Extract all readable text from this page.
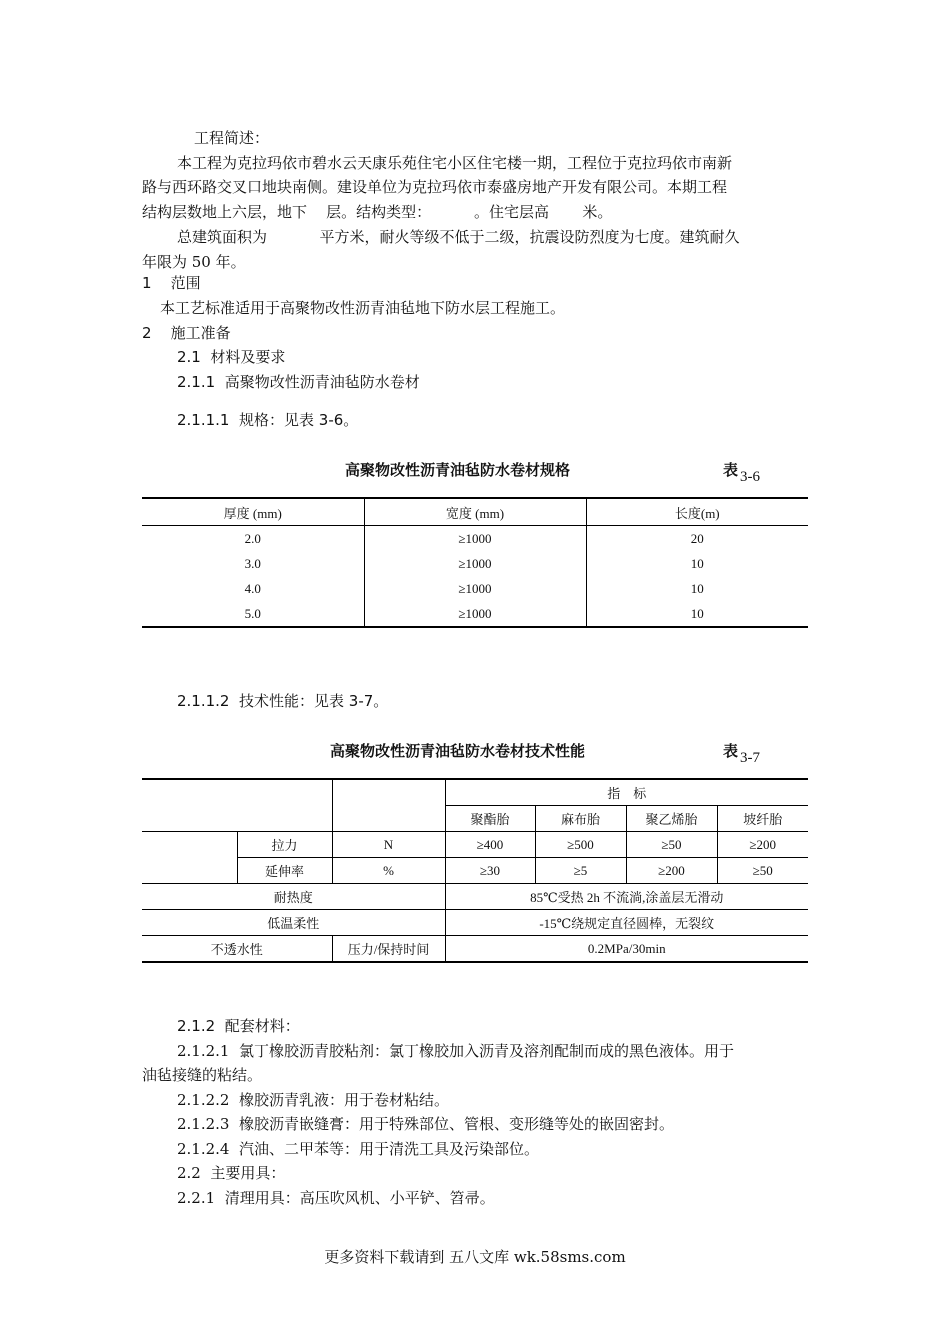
工程简述：
本工程为克拉玛依市碧水云天康乐苑住宅小区住宅楼一期，工程位于克拉玛依市南新
路与西环路交叉口地块南侧。建设单位为克拉玛依市泰盛房地产开发有限公司。本期工程
结构层数地上六层，地下    层。结构类型：         。住宅层高       米。
总建筑面积为           平方米，耐火等级不低于二级，抗震设防烈度为七度。建筑耐久
年限为 50 年。
1    范围
本工艺标准适用于高聚物改性沥青油毡地下防水层工程施工。
2    施工准备
2.1  材料及要求
2.1.1  高聚物改性沥青油毡防水卷材
2.1.1.1  规格：见表 3-6。
高聚物改性沥青油毡防水卷材规格	表 3-6
厚度 (mm)	宽度 (mm)	长度(m)
2.0	≥1000	20
3.0	≥1000	10
4.0	≥1000	10
5.0	≥1000	10
2.1.1.2  技术性能：见表 3-7。
高聚物改性沥青油毡防水卷材技术性能	表 3-7
			指    标			
			聚酯胎	麻布胎	聚乙烯胎	坡纤胎
	拉力	N	≥400	≥500	≥50	≥200
	延伸率	%	≥30	≥5	≥200	≥50
耐热度			85℃受热 2h 不流淌,涂盖层无滑动			
低温柔性			-15℃绕规定直径圆棒，无裂纹			
不透水性		压力/保持时间	0.2MPa/30min			
2.1.2  配套材料：
2.1.2.1  氯丁橡胶沥青胶粘剂：氯丁橡胶加入沥青及溶剂配制而成的黑色液体。用于
油毡接缝的粘结。
2.1.2.2  橡胶沥青乳液：用于卷材粘结。
2.1.2.3  橡胶沥青嵌缝膏：用于特殊部位、管根、变形缝等处的嵌固密封。
2.1.2.4  汽油、二甲苯等：用于清洗工具及污染部位。
2.2  主要用具：
2.2.1  清理用具：高压吹风机、小平铲、笤帚。
更多资料下载请到 五八文库 wk.58sms.com
